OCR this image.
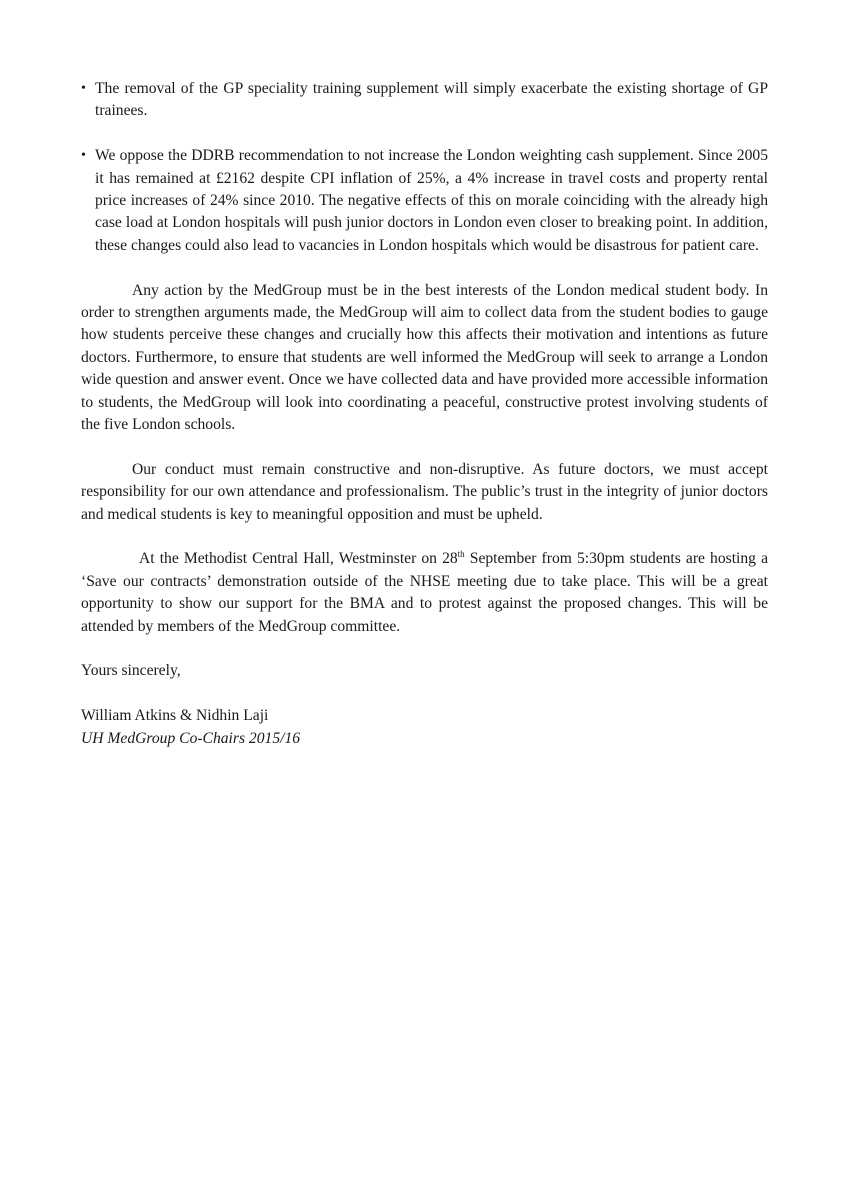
• The removal of the GP speciality training supplement will simply exacerbate the existing shortage of GP trainees.
• We oppose the DDRB recommendation to not increase the London weighting cash supplement. Since 2005 it has remained at £2162 despite CPI inflation of 25%, a 4% increase in travel costs and property rental price increases of 24% since 2010. The negative effects of this on morale coinciding with the already high case load at London hospitals will push junior doctors in London even closer to breaking point. In addition, these changes could also lead to vacancies in London hospitals which would be disastrous for patient care.

Any action by the MedGroup must be in the best interests of the London medical student body. In order to strengthen arguments made, the MedGroup will aim to collect data from the student bodies to gauge how students perceive these changes and crucially how this affects their motivation and intentions as future doctors. Furthermore, to ensure that students are well informed the MedGroup will seek to arrange a London wide question and answer event. Once we have collected data and have provided more accessible information to students, the MedGroup will look into coordinating a peaceful, constructive protest involving students of the five London schools.

Our conduct must remain constructive and non-disruptive. As future doctors, we must accept responsibility for our own attendance and professionalism. The public’s trust in the integrity of junior doctors and medical students is key to meaningful opposition and must be upheld.

At the Methodist Central Hall, Westminster on 28th September from 5:30pm students are hosting a ‘Save our contracts’ demonstration outside of the NHSE meeting due to take place. This will be a great opportunity to show our support for the BMA and to protest against the proposed changes. This will be attended by members of the MedGroup committee.

Yours sincerely,

William Atkins & Nidhin Laji
UH MedGroup Co-Chairs 2015/16
